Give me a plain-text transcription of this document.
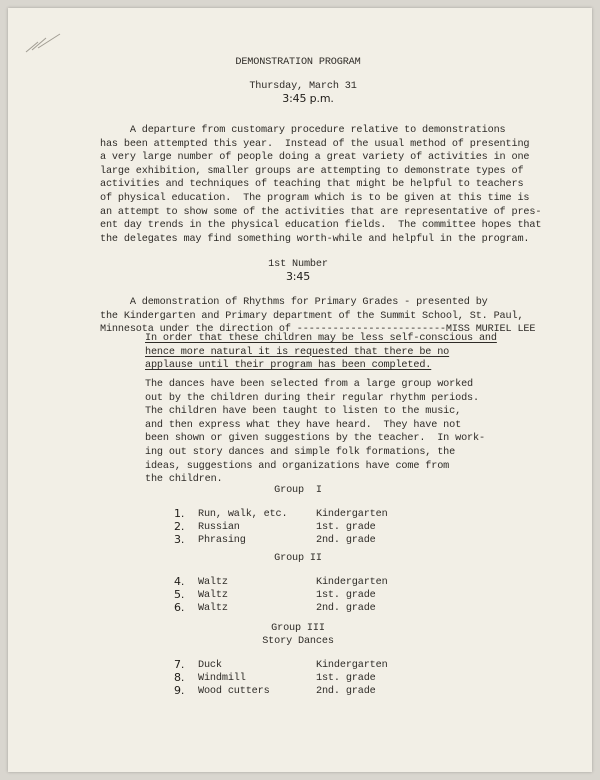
DEMONSTRATION PROGRAM
Thursday, March 31
3:45 p.m.
A departure from customary procedure relative to demonstrations
has been attempted this year.  Instead of the usual method of presenting
a very large number of people doing a great variety of activities in one
large exhibition, smaller groups are attempting to demonstrate types of
activities and techniques of teaching that might be helpful to teachers
of physical education.  The program which is to be given at this time is
an attempt to show some of the activities that are representative of pres-
ent day trends in the physical education fields.  The committee hopes that
the delegates may find something worth-while and helpful in the program.
1st Number
3:45
A demonstration of Rhythms for Primary Grades - presented by
the Kindergarten and Primary department of the Summit School, St. Paul,
Minnesota under the direction of -------------------------MISS MURIEL LEE
In order that these children may be less self-conscious and
hence more natural it is requested that there be no
applause until their program has been completed.
The dances have been selected from a large group worked
out by the children during their regular rhythm periods.
The children have been taught to listen to the music,
and then express what they have heard.  They have not
been shown or given suggestions by the teacher.  In work-
ing out story dances and simple folk formations, the
ideas, suggestions and organizations have come from
the children.
Group  I
1. Run, walk, etc.	Kindergarten
2. Russian	1st. grade
3. Phrasing	2nd. grade
Group II
4. Waltz	Kindergarten
5. Waltz	1st. grade
6. Waltz	2nd. grade
Group III
Story Dances
7. Duck	Kindergarten
8. Windmill	1st. grade
9. Wood cutters	2nd. grade
